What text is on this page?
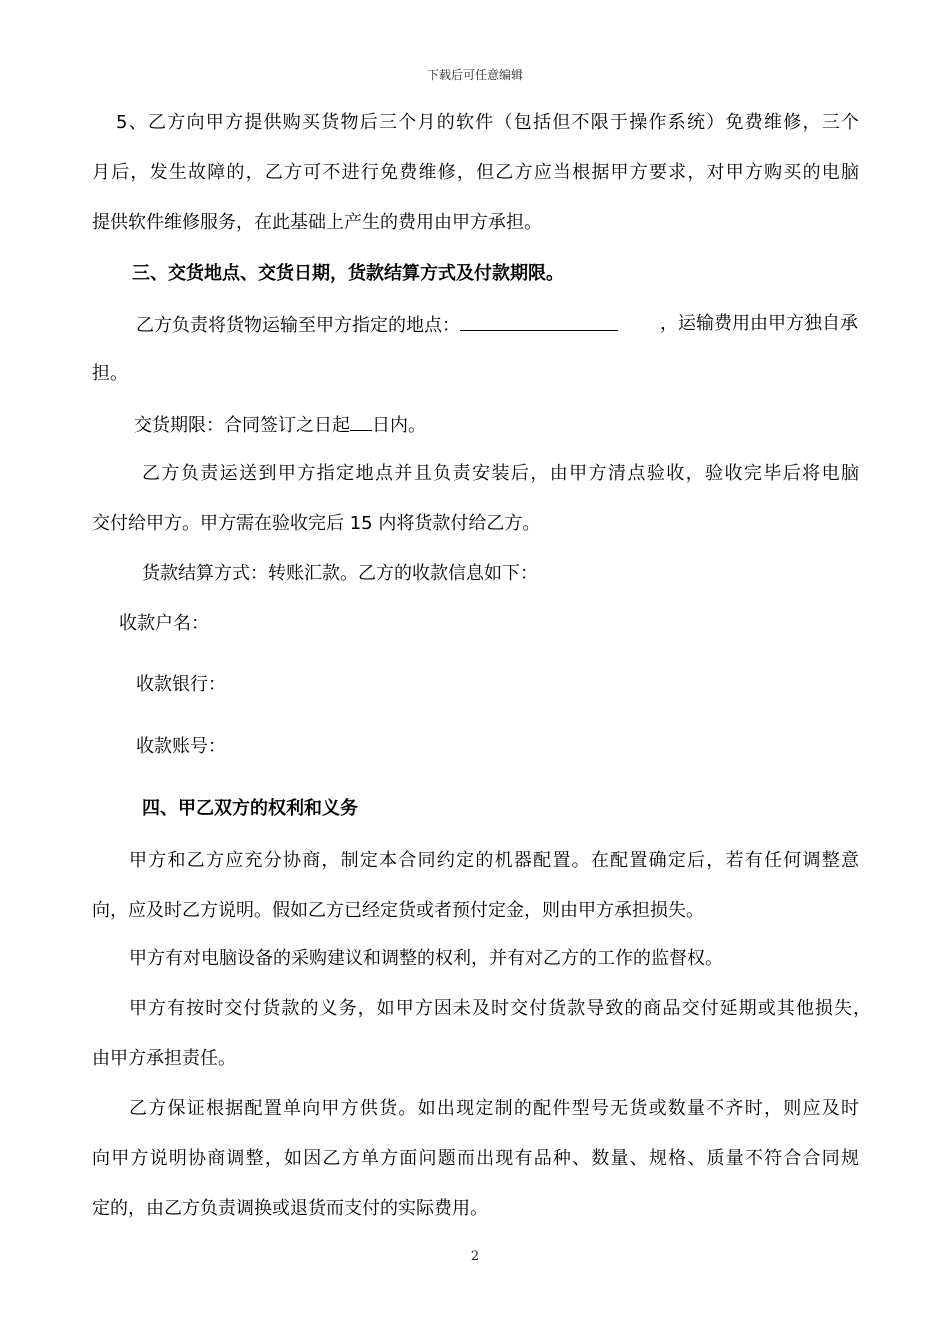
下载后可任意编辑
5、乙方向甲方提供购买货物后三个月的软件（包括但不限于操作系统）免费维修，三个
月后，发生故障的，乙方可不进行免费维修，但乙方应当根据甲方要求，对甲方购买的电脑
提供软件维修服务，在此基础上产生的费用由甲方承担。
三、交货地点、交货日期，货款结算方式及付款期限。
乙方负责将货物运输至甲方指定的地点：	，运输费用由甲方独自承
担。
交货期限：合同签订之日起 日内。
乙方负责运送到甲方指定地点并且负责安装后，由甲方清点验收，验收完毕后将电脑
交付给甲方。甲方需在验收完后 15 内将货款付给乙方。
货款结算方式：转账汇款。乙方的收款信息如下：
收款户名：
收款银行：
收款账号：
四、甲乙双方的权利和义务
甲方和乙方应充分协商，制定本合同约定的机器配置。在配置确定后，若有任何调整意
向，应及时乙方说明。假如乙方已经定货或者预付定金，则由甲方承担损失。
甲方有对电脑设备的采购建议和调整的权利，并有对乙方的工作的监督权。
甲方有按时交付货款的义务，如甲方因未及时交付货款导致的商品交付延期或其他损失，
由甲方承担责任。
乙方保证根据配置单向甲方供货。如出现定制的配件型号无货或数量不齐时，则应及时
向甲方说明协商调整，如因乙方单方面问题而出现有品种、数量、规格、质量不符合合同规
定的，由乙方负责调换或退货而支付的实际费用。
2
